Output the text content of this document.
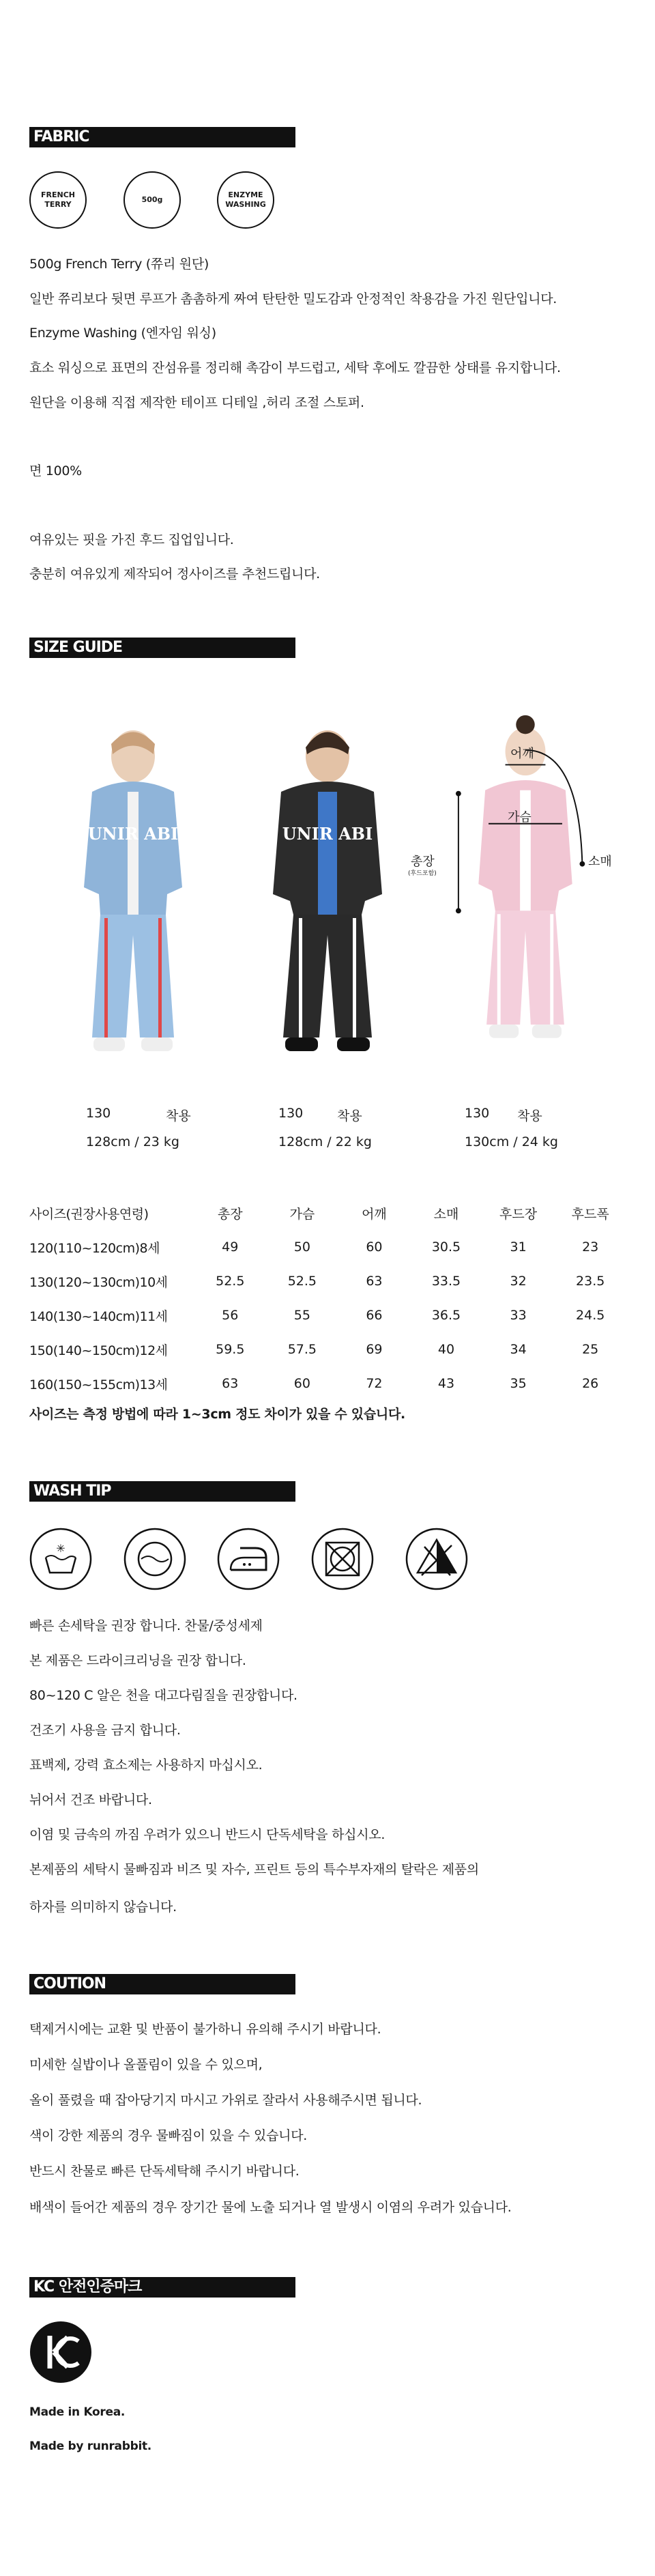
FABRIC
FRENCH
TERRY
500g
ENZYME
WASHING
500g French Terry (쮸리 원단)
일반 쮸리보다 뒷면 루프가 촘촘하게 짜여 탄탄한 밀도감과 안정적인 착용감을 가진 원단입니다.
Enzyme Washing (엔자임 워싱)
효소 워싱으로 표면의 잔섬유를 정리해 촉감이 부드럽고, 세탁 후에도 깔끔한 상태를 유지합니다.
원단을 이용해 직접 제작한 테이프 디테일 ,허리 조절 스토퍼.
면 100%
여유있는 핏을 가진 후드 집업입니다.
충분히 여유있게 제작되어 정사이즈를 추천드립니다.
SIZE GUIDE
UNIR ABI	UNIR ABI
어깨
가슴
총장
(후드포함)
소매
130	착용
128cm / 23 kg
130	착용
128cm / 22 kg
130 착용
130cm / 24 kg
사이즈(권장사용연령)	총장	가슴	어깨	소매	후드장	후드폭
120(110~120cm)8세	49	50	60	30.5	31	23
130(120~130cm)10세	52.5	52.5	63	33.5	32	23.5
140(130~140cm)11세	56	55	66	36.5	33	24.5
150(140~150cm)12세	59.5	57.5	69	40	34	25
160(150~155cm)13세	63	60	72	43	35	26
사이즈는 측정 방법에 따라 1~3cm 정도 차이가 있을 수 있습니다.
WASH TIP
✳
빠른 손세탁을 권장 합니다. 찬물/중성세제
본 제품은 드라이크리닝을 권장 합니다.
80~120 C 알은 천을 대고다림질을 권장합니다.
건조기 사용을 금지 합니다.
표백제, 강력 효소제는 사용하지 마십시오.
뉘어서 건조 바랍니다.
이염 및 금속의 까짐 우려가 있으니 반드시 단독세탁을 하십시오.
본제품의 세탁시 물빠짐과 비즈 및 자수, 프린트 등의 특수부자재의 탈락은 제품의
하자를 의미하지 않습니다.
COUTION
택제거시에는 교환 및 반품이 불가하니 유의해 주시기 바랍니다.
미세한 실밥이나 올풀림이 있을 수 있으며,
올이 풀렸을 때 잡아당기지 마시고 가위로 잘라서 사용해주시면 됩니다.
색이 강한 제품의 경우 물빠짐이 있을 수 있습니다.
반드시 찬물로 빠른 단독세탁해 주시기 바랍니다.
배색이 들어간 제품의 경우 장기간 물에 노출 되거나 열 발생시 이염의 우려가 있습니다.
KC 안전인증마크
Made in Korea.
Made by runrabbit.
